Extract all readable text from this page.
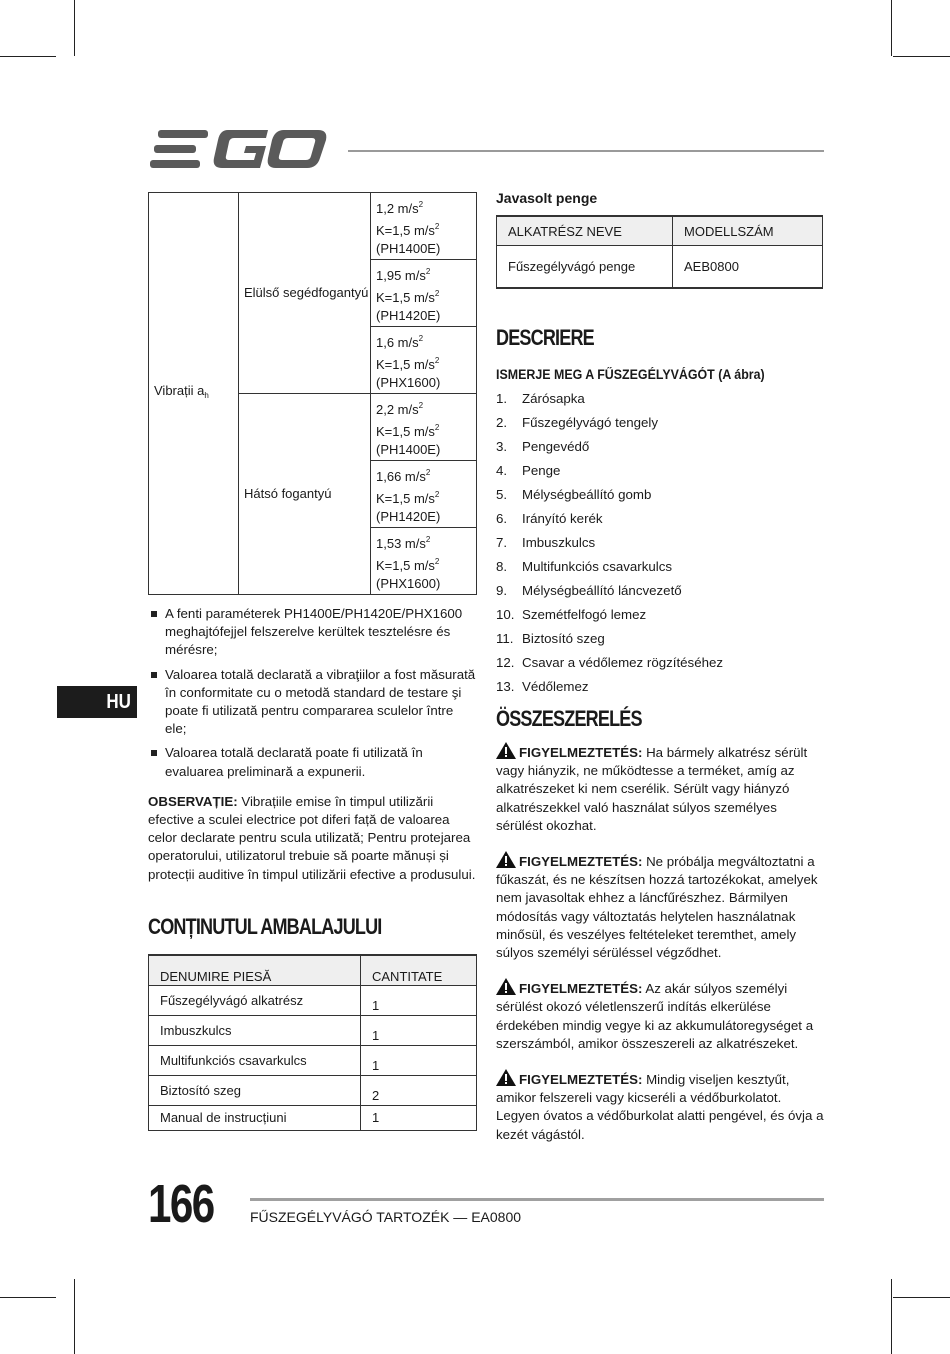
Vibrații $a_h$	Elülső segédfogantyú	1,2 $m/s^2$
K=1,5 $m/s^2$
(PH1400E)
		1,95 $m/s^2$
K=1,5 $m/s^2$
(PH1420E)
		1,6 $m/s^2$
K=1,5 $m/s^2$
(PHX1600)
	Hátsó fogantyú	2,2 $m/s^2$
K=1,5 $m/s^2$
(PH1400E)
		1,66 $m/s^2$
K=1,5 $m/s^2$
(PH1420E)
		1,53 $m/s^2$
K=1,5 $m/s^2$
(PHX1600)
A fenti paraméterek PH1400E/PH1420E/PHX1600 meghajtófejjel felszerelve kerültek tesztelésre és mérésre;
Valoarea totală declarată a vibraţiilor a fost măsurată în conformitate cu o metodă standard de testare şi poate fi utilizată pentru compararea sculelor între ele;
Valoarea totală declarată poate fi utilizată în evaluarea preliminară a expunerii.
OBSERVAȚIE: Vibrațiile emise în timpul utilizării efective a sculei electrice pot diferi față de valoarea celor declarate pentru scula utilizată; Pentru protejarea operatorului, utilizatorul trebuie să poarte mănuși și protecții auditive în timpul utilizării efective a produsului.
CONȚINUTUL AMBALAJULUI
DENUMIRE PIESĂ	CANTITATE
Fűszegélyvágó alkatrész	1
Imbuszkulcs	1
Multifunkciós csavarkulcs	1
Biztosító szeg	2
Manual de instrucțiuni	1
HU
Javasolt penge
ALKATRÉSZ NEVE	MODELLSZÁM
Fűszegélyvágó penge	AEB0800
DESCRIERE
ISMERJE MEG A FŰSZEGÉLYVÁGÓT (A ábra)
1.	Zárósapka
2.	Fűszegélyvágó tengely
3.	Pengevédő
4.	Penge
5.	Mélységbeállító gomb
6.	Irányító kerék
7.	Imbuszkulcs
8.	Multifunkciós csavarkulcs
9.	Mélységbeállító láncvezető
10. Szemétfelfogó lemez
11. Biztosító szeg
12. Csavar a védőlemez rögzítéséhez
13. Védőlemez
ÖSSZESZERELÉS
FIGYELMEZTETÉS: Ha bármely alkatrész sérült vagy hiányzik, ne működtesse a terméket, amíg az alkatrészeket ki nem cserélik. Sérült vagy hiányzó alkatrészekkel való használat súlyos személyes sérülést okozhat.
FIGYELMEZTETÉS: Ne próbálja megváltoztatni a fűkaszát, és ne készítsen hozzá tartozékokat, amelyek nem javasoltak ehhez a láncfűrészhez. Bármilyen módosítás vagy változtatás helytelen használatnak minősül, és veszélyes feltételeket teremthet, amely súlyos személyi sérüléssel végződhet.
FIGYELMEZTETÉS: Az akár súlyos személyi sérülést okozó véletlenszerű indítás elkerülése érdekében mindig vegye ki az akkumulátoregységet a szerszámból, amikor összeszereli az alkatrészeket.
FIGYELMEZTETÉS: Mindig viseljen kesztyűt, amikor felszereli vagy kicseréli a védőburkolatot. Legyen óvatos a védőburkolat alatti pengével, és óvja a kezét vágástól.
166	FŰSZEGÉLYVÁGÓ TARTOZÉK — EA0800
